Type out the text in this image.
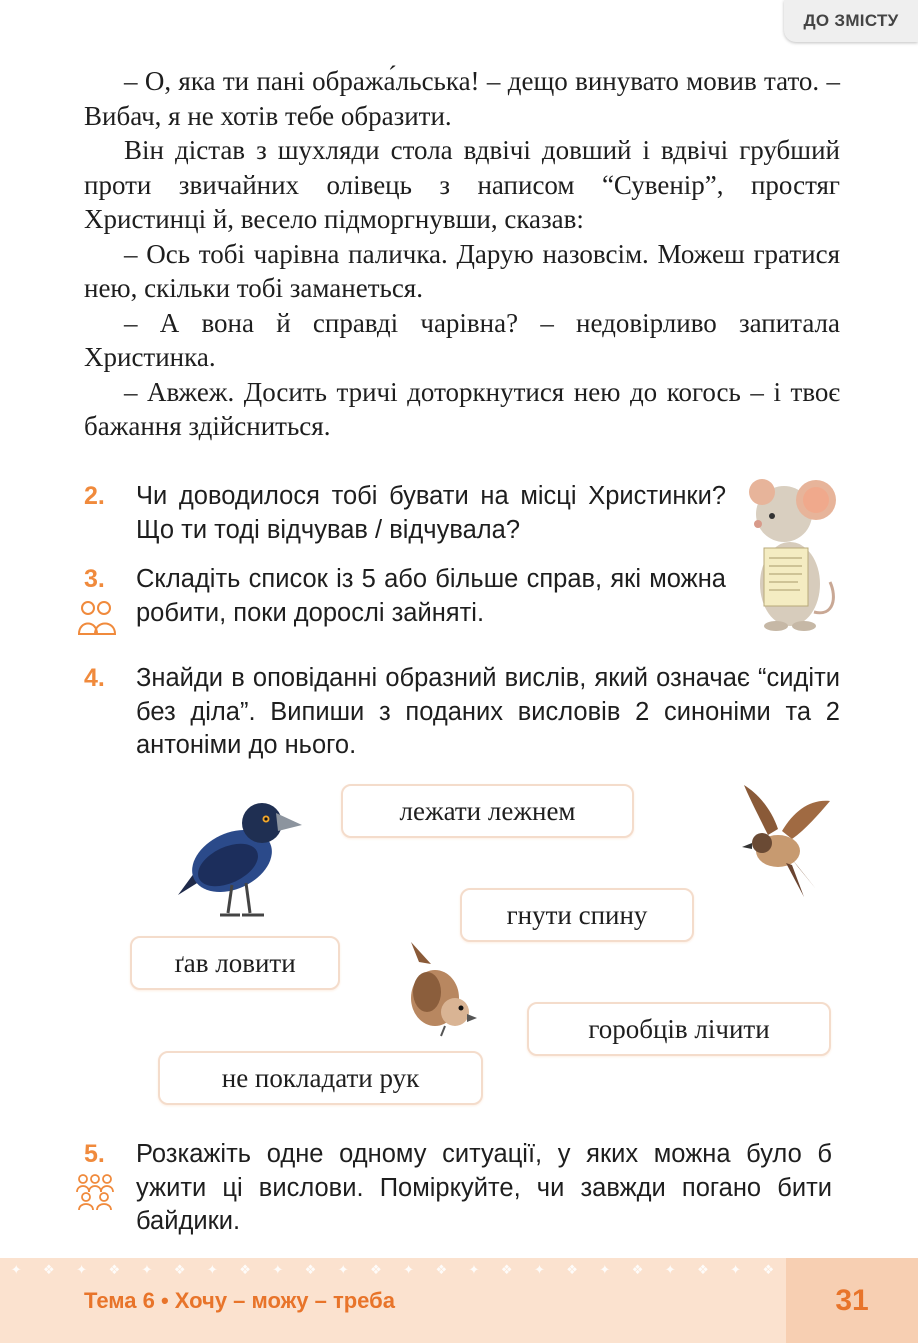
ДО ЗМІСТУ

– О, яка ти пані обража́льська! – дещо винувато мовив тато. – Вибач, я не хотів тебе образити.

Він дістав з шухляди стола вдвічі довший і вдвічі грубший проти звичайних олівець з написом “Сувенір”, простяг Христинці й, весело підморгнувши, сказав:

– Ось тобі чарівна паличка. Дарую назовсім. Можеш гратися нею, скільки тобі заманеться.

– А вона й справді чарівна? – недовірливо запитала Христинка.

– Авжеж. Досить тричі доторкнутися нею до когось – і твоє бажання здійсниться.

2. Чи доводилося тобі бувати на місці Христинки? Що ти тоді відчував / відчувала?
3. Складіть список із 5 або більше справ, які можна робити, поки дорослі зайняті.
4. Знайди в оповіданні образний вислів, який означає “сидіти без діла”. Випиши з поданих висловів 2 синоніми та 2 антоніми до нього.
лежати лежнем
гнути спину
ґав ловити
горобців лічити
не покладати рук
5. Розкажіть одне одному ситуації, у яких можна було б ужити ці вислови. Поміркуйте, чи завжди погано бити байдики.
✦ ❖ ✦ ❖ ✦ ❖ ✦ ❖ ✦ ❖ ✦ ❖ ✦ ❖ ✦ ❖ ✦ ❖ ✦ ❖ ✦ ❖ ✦ ❖
Тема 6 • Хочу – можу – треба	31
